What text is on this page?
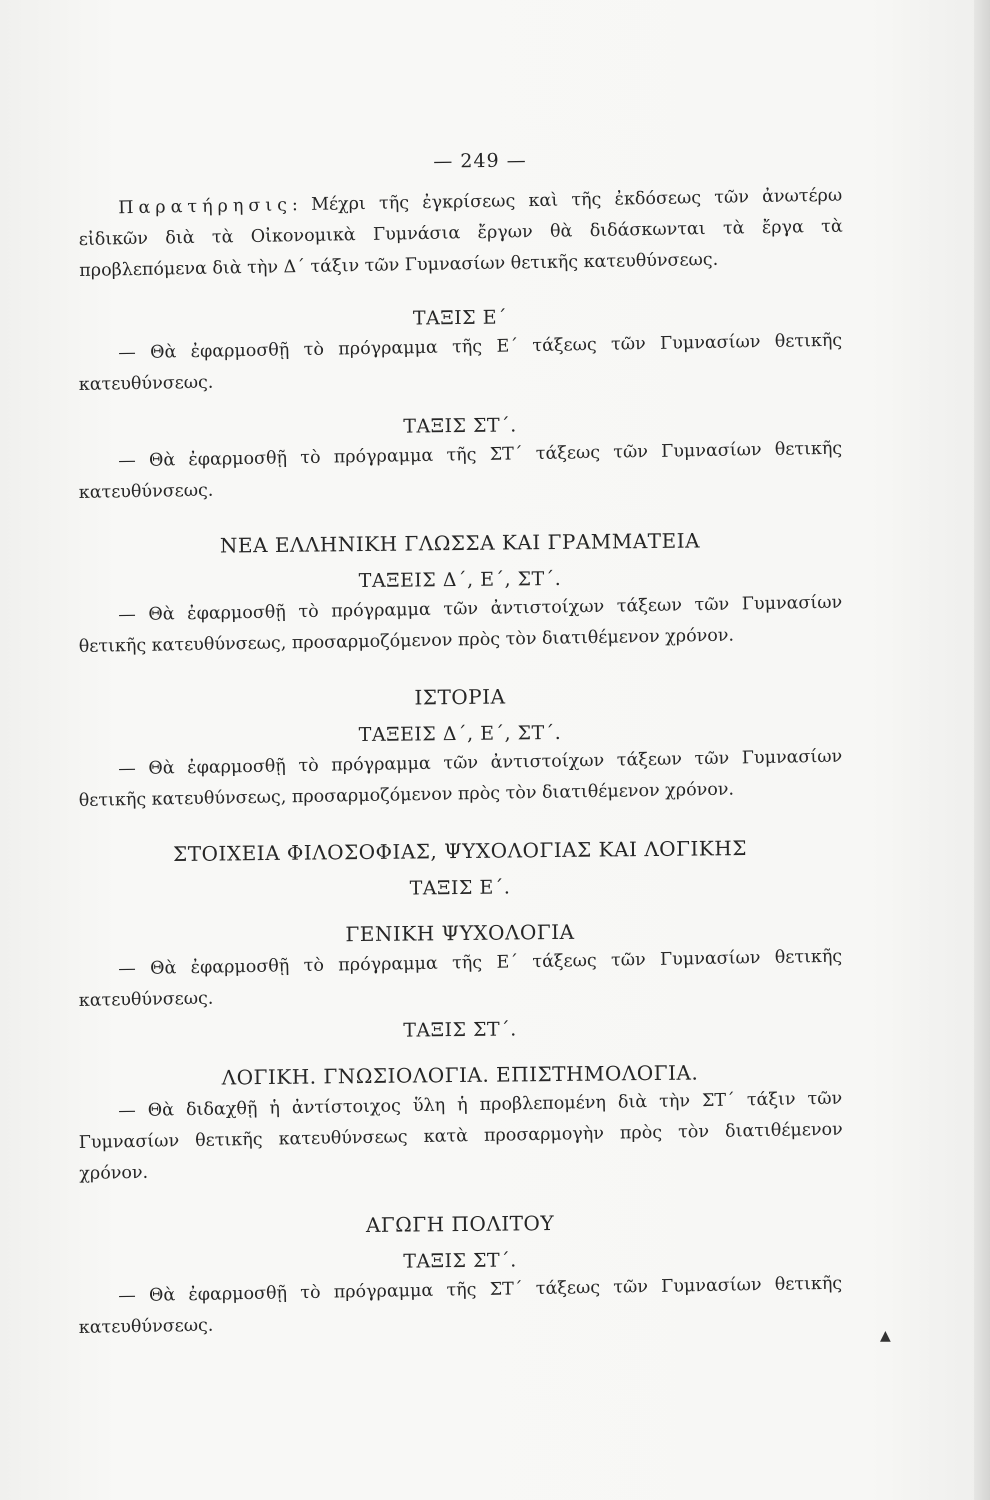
— 249 —

Παρατήρησις: Μέχρι τῆς ἐγκρίσεως καὶ τῆς ἐκδόσεως τῶν ἀνωτέρω εἰδικῶν διὰ τὰ Οἰκονομικὰ Γυμνάσια ἔργων θὰ διδάσκωνται τὰ ἔργα τὰ προβλεπόμενα διὰ τὴν Δ΄ τάξιν τῶν Γυμνασίων θετικῆς κατευθύνσεως.

ΤΑΞΙΣ Ε΄

— Θὰ ἐφαρμοσθῇ τὸ πρόγραμμα τῆς Ε΄ τάξεως τῶν Γυμνασίων θετικῆς κατευθύνσεως.

ΤΑΞΙΣ ΣΤ΄.

— Θὰ ἐφαρμοσθῇ τὸ πρόγραμμα τῆς ΣΤ΄ τάξεως τῶν Γυμνασίων θετικῆς κατευθύνσεως.

ΝΕΑ ΕΛΛΗΝΙΚΗ ΓΛΩΣΣΑ ΚΑΙ ΓΡΑΜΜΑΤΕΙΑ
ΤΑΞΕΙΣ Δ΄, Ε΄, ΣΤ΄.

— Θὰ ἐφαρμοσθῇ τὸ πρόγραμμα τῶν ἀντιστοίχων τάξεων τῶν Γυμνασίων θετικῆς κατευθύνσεως, προσαρμοζόμενον πρὸς τὸν διατιθέμενον χρόνον.

ΙΣΤΟΡΙΑ
ΤΑΞΕΙΣ Δ΄, Ε΄, ΣΤ΄.

— Θὰ ἐφαρμοσθῇ τὸ πρόγραμμα τῶν ἀντιστοίχων τάξεων τῶν Γυμνασίων θετικῆς κατευθύνσεως, προσαρμοζόμενον πρὸς τὸν διατιθέμενον χρόνον.

ΣΤΟΙΧΕΙΑ ΦΙΛΟΣΟΦΙΑΣ, ΨΥΧΟΛΟΓΙΑΣ ΚΑΙ ΛΟΓΙΚΗΣ
ΤΑΞΙΣ Ε΄.
ΓΕΝΙΚΗ ΨΥΧΟΛΟΓΙΑ

— Θὰ ἐφαρμοσθῇ τὸ πρόγραμμα τῆς Ε΄ τάξεως τῶν Γυμνασίων θετικῆς κατευθύνσεως.

ΤΑΞΙΣ ΣΤ΄.
ΛΟΓΙΚΗ. ΓΝΩΣΙΟΛΟΓΙΑ. ΕΠΙΣΤΗΜΟΛΟΓΙΑ.

— Θὰ διδαχθῇ ἡ ἀντίστοιχος ὕλη ἡ προβλεπομένη διὰ τὴν ΣΤ΄ τάξιν τῶν Γυμνασίων θετικῆς κατευθύνσεως κατὰ προσαρμογὴν πρὸς τὸν διατιθέμενον χρόνον.

ΑΓΩΓΗ ΠΟΛΙΤΟΥ
ΤΑΞΙΣ ΣΤ΄.

— Θὰ ἐφαρμοσθῇ τὸ πρόγραμμα τῆς ΣΤ΄ τάξεως τῶν Γυμνασίων θετικῆς κατευθύνσεως.	▲
